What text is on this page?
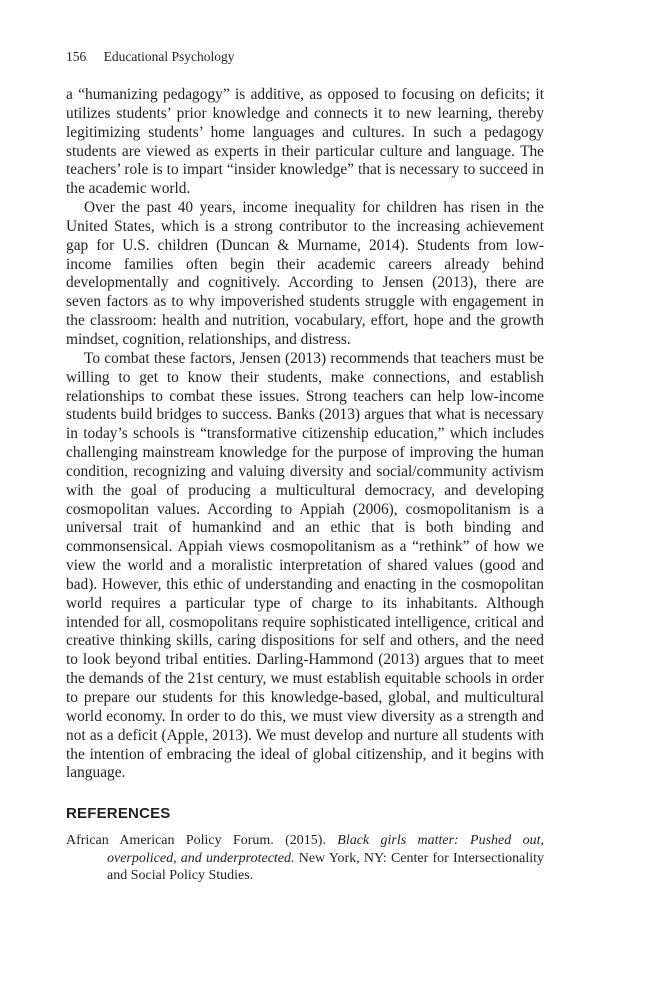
156 Educational Psychology

a “humanizing pedagogy” is additive, as opposed to focusing on deficits; it utilizes students’ prior knowledge and connects it to new learning, thereby legitimizing students’ home languages and cultures. In such a pedagogy students are viewed as experts in their particular culture and language. The teachers’ role is to impart “insider knowledge” that is necessary to succeed in the academic world.

Over the past 40 years, income inequality for children has risen in the United States, which is a strong contributor to the increasing achievement gap for U.S. children (Duncan & Murname, 2014). Students from low-income families often begin their academic careers already behind developmentally and cognitively. According to Jensen (2013), there are seven factors as to why impoverished students struggle with engagement in the classroom: health and nutrition, vocabulary, effort, hope and the growth mindset, cognition, relationships, and distress.

To combat these factors, Jensen (2013) recommends that teachers must be willing to get to know their students, make connections, and establish relationships to combat these issues. Strong teachers can help low-income students build bridges to success. Banks (2013) argues that what is necessary in today’s schools is “transformative citizenship education,” which includes challenging mainstream knowledge for the purpose of improving the human condition, recognizing and valuing diversity and social/community activism with the goal of producing a multicultural democracy, and developing cosmopolitan values. According to Appiah (2006), cosmopolitanism is a universal trait of humankind and an ethic that is both binding and commonsensical. Appiah views cosmopolitanism as a “rethink” of how we view the world and a moralistic interpretation of shared values (good and bad). However, this ethic of understanding and enacting in the cosmopolitan world requires a particular type of charge to its inhabitants. Although intended for all, cosmopolitans require sophisticated intelligence, critical and creative thinking skills, caring dispositions for self and others, and the need to look beyond tribal entities. Darling-Hammond (2013) argues that to meet the demands of the 21st century, we must establish equitable schools in order to prepare our students for this knowledge-based, global, and multicultural world economy. In order to do this, we must view diversity as a strength and not as a deficit (Apple, 2013). We must develop and nurture all students with the intention of embracing the ideal of global citizenship, and it begins with language.

REFERENCES
African American Policy Forum. (2015). Black girls matter: Pushed out, overpoliced, and underprotected. New York, NY: Center for Intersectionality and Social Policy Studies.
